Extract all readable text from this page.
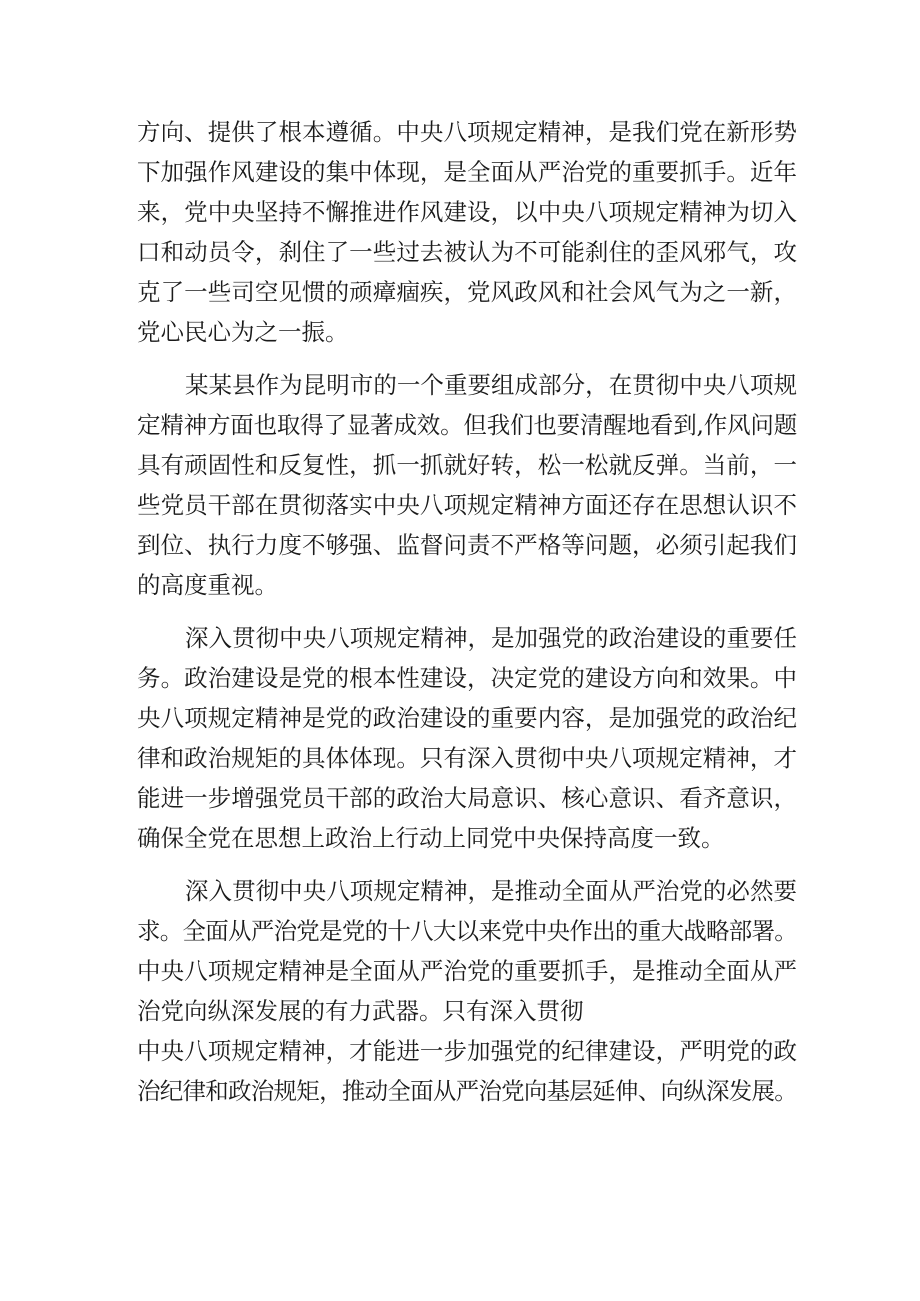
方向、提供了根本遵循。中央八项规定精神，是我们党在新形势
下加强作风建设的集中体现，是全面从严治党的重要抓手。近年
来，党中央坚持不懈推进作风建设，以中央八项规定精神为切入
口和动员令，刹住了一些过去被认为不可能刹住的歪风邪气，攻
克了一些司空见惯的顽瘴痼疾，党风政风和社会风气为之一新，
党心民心为之一振。
某某县作为昆明市的一个重要组成部分，在贯彻中央八项规
定精神方面也取得了显著成效。但我们也要清醒地看到,作风问题
具有顽固性和反复性，抓一抓就好转，松一松就反弹。当前，一
些党员干部在贯彻落实中央八项规定精神方面还存在思想认识不
到位、执行力度不够强、监督问责不严格等问题，必须引起我们
的高度重视。
深入贯彻中央八项规定精神，是加强党的政治建设的重要任
务。政治建设是党的根本性建设，决定党的建设方向和效果。中
央八项规定精神是党的政治建设的重要内容，是加强党的政治纪
律和政治规矩的具体体现。只有深入贯彻中央八项规定精神，才
能进一步增强党员干部的政治大局意识、核心意识、看齐意识，
确保全党在思想上政治上行动上同党中央保持高度一致。
深入贯彻中央八项规定精神，是推动全面从严治党的必然要
求。全面从严治党是党的十八大以来党中央作出的重大战略部署。
中央八项规定精神是全面从严治党的重要抓手，是推动全面从严
治党向纵深发展的有力武器。只有深入贯彻
中央八项规定精神，才能进一步加强党的纪律建设，严明党的政
治纪律和政治规矩，推动全面从严治党向基层延伸、向纵深发展。
